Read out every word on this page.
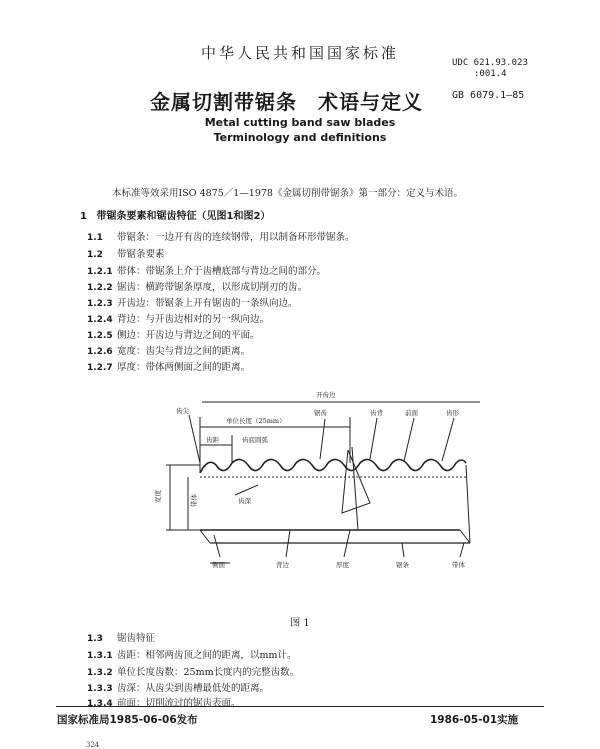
中华人民共和国国家标准
UDC 621.93.023
:001.4
GB 6079.1—85
金属切割带锯条　术语与定义
Metal cutting band saw blades
Terminology and definitions
本标准等效采用ISO 4875／1—1978《金属切削带锯条》第一部分：定义与术语。
1 带锯条要素和锯齿特征（见图1和图2）
1.1 带锯条：一边开有齿的连续钢带，用以制备环形带锯条。
1.2 带锯条要素
1.2.1 带体：带锯条上介于齿槽底部与背边之间的部分。
1.2.2 锯齿：横跨带锯条厚度，以形成切削刃的齿。
1.2.3 开齿边：带锯条上开有锯齿的一条纵向边。
1.2.4 背边：与开齿边相对的另一纵向边。
1.2.5 侧边：开齿边与背边之间的平面。
1.2.6 宽度：齿尖与背边之间的距离。
1.2.7 厚度：带体两侧面之间的距离。
开齿边
齿尖
单位长度（25mm）
齿距	齿底圆弧
锯齿	齿背	前面	齿形
宽度	带体	齿深
侧面	背边	厚度	锯条	带体
图 1
1.3 锯齿特征
1.3.1 齿距：相邻两齿顶之间的距离，以mm计。
1.3.2 单位长度齿数：25mm长度内的完整齿数。
1.3.3 齿深：从齿尖到齿槽最低处的距离。
1.3.4 前面：切削流过的锯齿表面。
国家标准局1985-06-06发布	1986-05-01实施
324
